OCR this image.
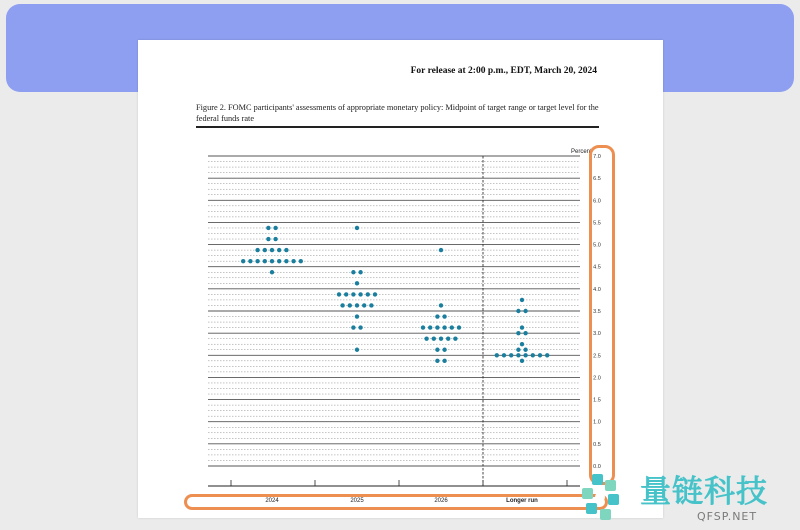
For release at 2:00 p.m., EDT, March 20, 2024
Figure 2. FOMC participants' assessments of appropriate monetary policy: Midpoint of target range or target level for the federal funds rate
0.0
0.5
1.0
1.5
2.0
2.5
3.0
3.5
4.0
4.5
5.0
5.5
6.0
6.5
7.0
Percent
2024	2025	2026	Longer run	量链科技
QFSP.NET
